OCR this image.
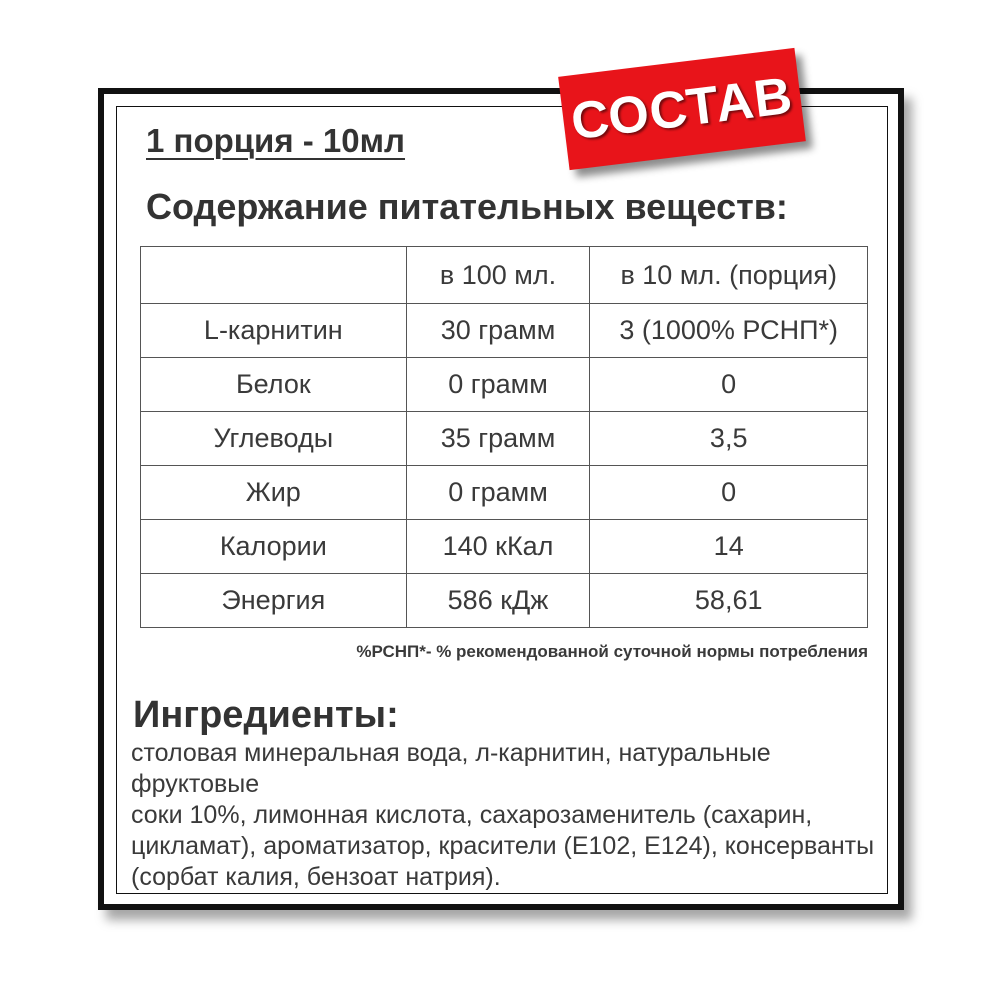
СОСТАВ
1 порция - 10мл
Содержание питательных веществ:
	в 100 мл.	в 10 мл. (порция)
L-карнитин	30 грамм	3 (1000% РСНП*)
Белок	0 грамм	0
Углеводы	35 грамм	3,5
Жир	0 грамм	0
Калории	140 кКал	14
Энергия	586 кДж	58,61
%РСНП*- % рекомендованной суточной нормы потребления
Ингредиенты:
столовая минеральная вода, л-карнитин, натуральные фруктовые
соки 10%, лимонная кислота, сахарозаменитель (сахарин,
цикламат), ароматизатор, красители (Е102, Е124), консерванты
(сорбат калия, бензоат натрия).
